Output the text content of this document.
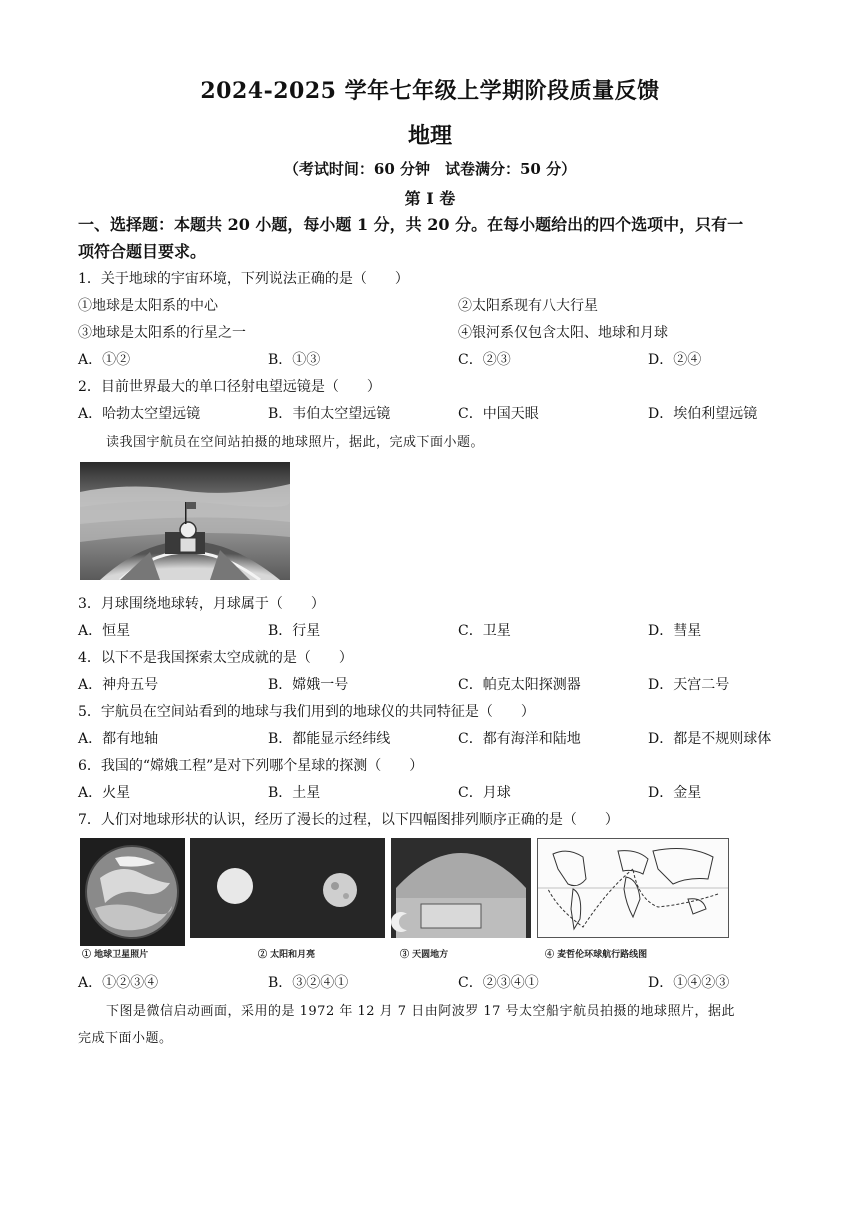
2024-2025 学年七年级上学期阶段质量反馈
地理
（考试时间：60 分钟　试卷满分：50 分）
第 I 卷
一、选择题：本题共 20 小题，每小题 1 分，共 20 分。在每小题给出的四个选项中，只有一
项符合题目要求。
1．关于地球的宇宙环境，下列说法正确的是（　　）
①地球是太阳系的中心	②太阳系现有八大行星
③地球是太阳系的行星之一	④银河系仅包含太阳、地球和月球
A．①②	B．①③	C．②③	D．②④
2．目前世界最大的单口径射电望远镜是（　　）
A．哈勃太空望远镜	B．韦伯太空望远镜	C．中国天眼	D．埃伯利望远镜
读我国宇航员在空间站拍摄的地球照片，据此，完成下面小题。
3．月球围绕地球转，月球属于（　　）
A．恒星	B．行星	C．卫星	D．彗星
4．以下不是我国探索太空成就的是（　　）
A．神舟五号	B．嫦娥一号	C．帕克太阳探测器	D．天宫二号
5．宇航员在空间站看到的地球与我们用到的地球仪的共同特征是（　　）
A．都有地轴	B．都能显示经纬线	C．都有海洋和陆地	D．都是不规则球体
6．我国的“嫦娥工程”是对下列哪个星球的探测（　　）
A．火星	B．土星	C．月球	D．金星
7．人们对地球形状的认识，经历了漫长的过程，以下四幅图排列顺序正确的是（　　）
① 地球卫星照片	② 太阳和月亮	③ 天圆地方	④ 麦哲伦环球航行路线图
A．①②③④	B．③②④①	C．②③④①	D．①④②③
下图是微信启动画面，采用的是 1972 年 12 月 7 日由阿波罗 17 号太空船宇航员拍摄的地球照片，据此
完成下面小题。
